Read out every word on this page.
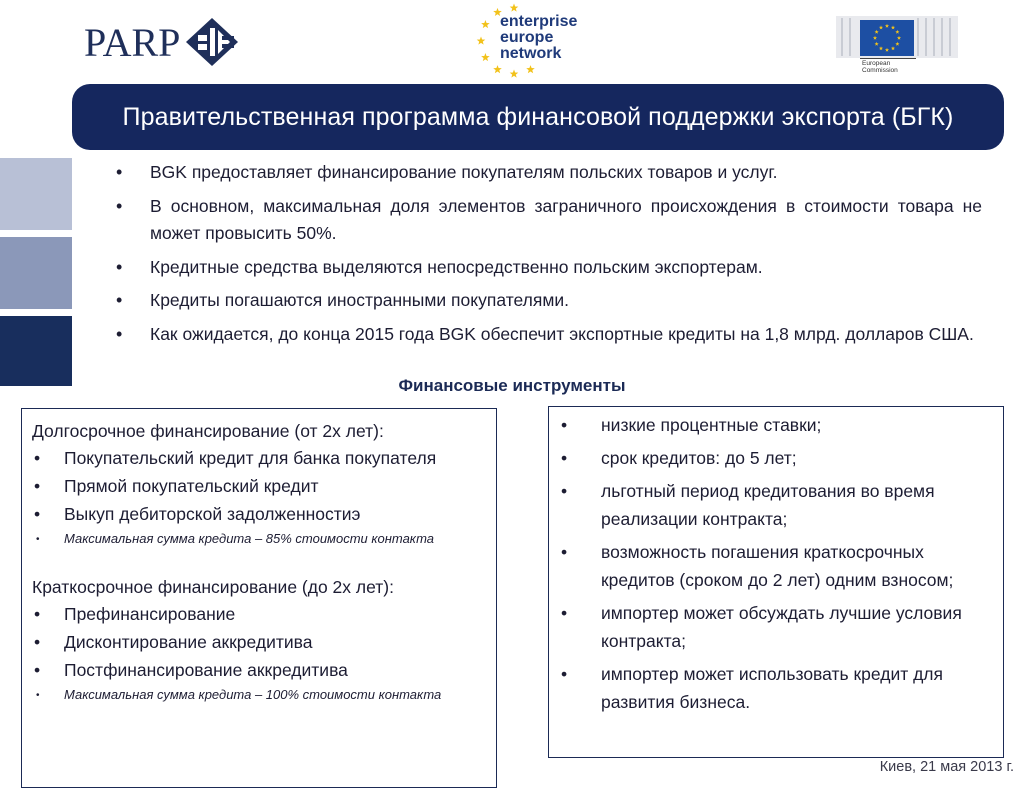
PARP	enterprise
europe
network
European
Commission
Правительственная программа финансовой поддержки экспорта (БГК)
• BGK предоставляет финансирование покупателям польских товаров и услуг.
• В основном, максимальная доля элементов заграничного происхождения в стоимости товара не может провысить 50%.
• Кредитные средства выделяются непосредственно польским экспортерам.
• Кредиты погашаются иностранными покупателями.
• Как ожидается, до конца 2015 года BGK обеспечит экспортные кредиты на 1,8 млрд. долларов США.
Финансовые инструменты
Долгосрочное финансирование (от 2х лет):
• Покупательский кредит для банка покупателя
• Прямой покупательский кредит
• Выкуп дебиторской задолженностиэ
• Максимальная сумма кредита – 85% стоимости контакта
Краткосрочное финансирование (до 2х лет):
• Префинансирование
• Дисконтирование аккредитива
• Постфинансирование аккредитива
• Максимальная сумма кредита – 100% стоимости контакта
• низкие процентные ставки;
• срок кредитов: до 5 лет;
• льготный период кредитования во время реализации контракта;
• возможность погашения краткосрочных кредитов (сроком до 2 лет) одним взносом;
• импортер может обсуждать лучшие условия контракта;
• импортер может использовать кредит для развития бизнеса.
Киев, 21 мая 2013 г.
